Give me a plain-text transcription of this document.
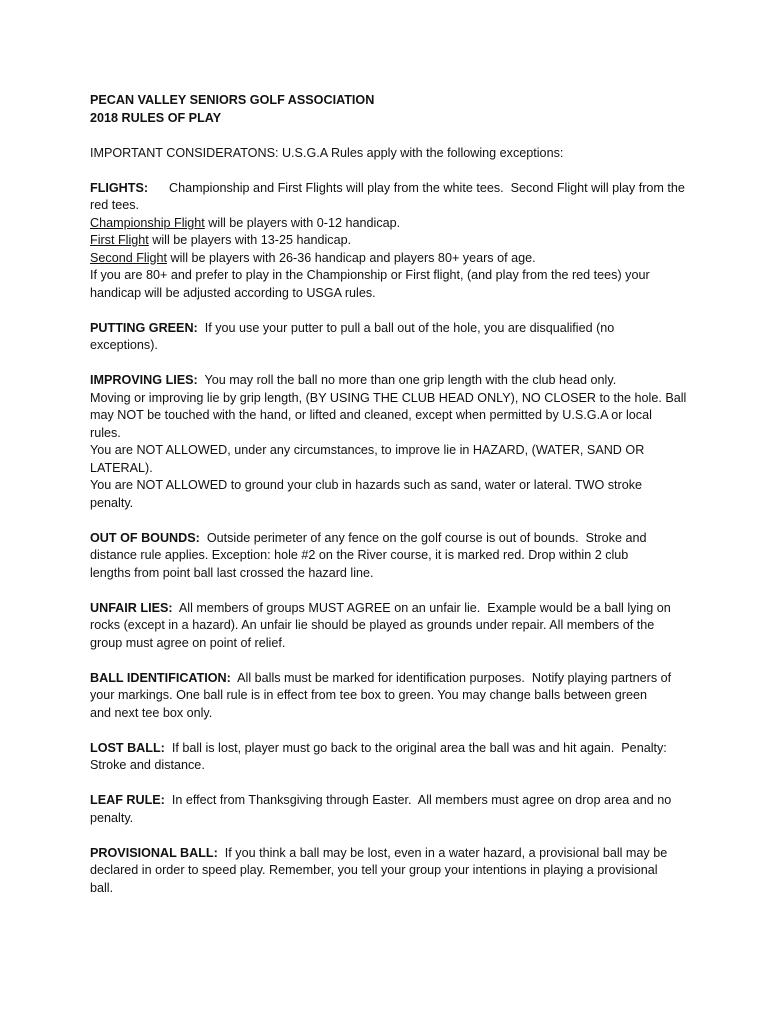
PECAN VALLEY SENIORS GOLF ASSOCIATION
2018 RULES OF PLAY
IMPORTANT CONSIDERATONS: U.S.G.A Rules apply with the following exceptions:
FLIGHTS:      Championship and First Flights will play from the white tees.  Second Flight will play from the
red tees.
Championship Flight will be players with 0-12 handicap.
First Flight will be players with 13-25 handicap.
Second Flight will be players with 26-36 handicap and players 80+ years of age.
If you are 80+ and prefer to play in the Championship or First flight, (and play from the red tees) your
handicap will be adjusted according to USGA rules.
PUTTING GREEN:  If you use your putter to pull a ball out of the hole, you are disqualified (no
exceptions).
IMPROVING LIES:  You may roll the ball no more than one grip length with the club head only.
Moving or improving lie by grip length, (BY USING THE CLUB HEAD ONLY), NO CLOSER to the hole. Ball
may NOT be touched with the hand, or lifted and cleaned, except when permitted by U.S.G.A or local
rules.
You are NOT ALLOWED, under any circumstances, to improve lie in HAZARD, (WATER, SAND OR
LATERAL).
You are NOT ALLOWED to ground your club in hazards such as sand, water or lateral. TWO stroke
penalty.
OUT OF BOUNDS:  Outside perimeter of any fence on the golf course is out of bounds.  Stroke and
distance rule applies. Exception: hole #2 on the River course, it is marked red. Drop within 2 club
lengths from point ball last crossed the hazard line.
UNFAIR LIES:  All members of groups MUST AGREE on an unfair lie.  Example would be a ball lying on
rocks (except in a hazard). An unfair lie should be played as grounds under repair. All members of the
group must agree on point of relief.
BALL IDENTIFICATION:  All balls must be marked for identification purposes.  Notify playing partners of
your markings. One ball rule is in effect from tee box to green. You may change balls between green
and next tee box only.
LOST BALL:  If ball is lost, player must go back to the original area the ball was and hit again.  Penalty:
Stroke and distance.
LEAF RULE:  In effect from Thanksgiving through Easter.  All members must agree on drop area and no
penalty.
PROVISIONAL BALL:  If you think a ball may be lost, even in a water hazard, a provisional ball may be
declared in order to speed play. Remember, you tell your group your intentions in playing a provisional
ball.
